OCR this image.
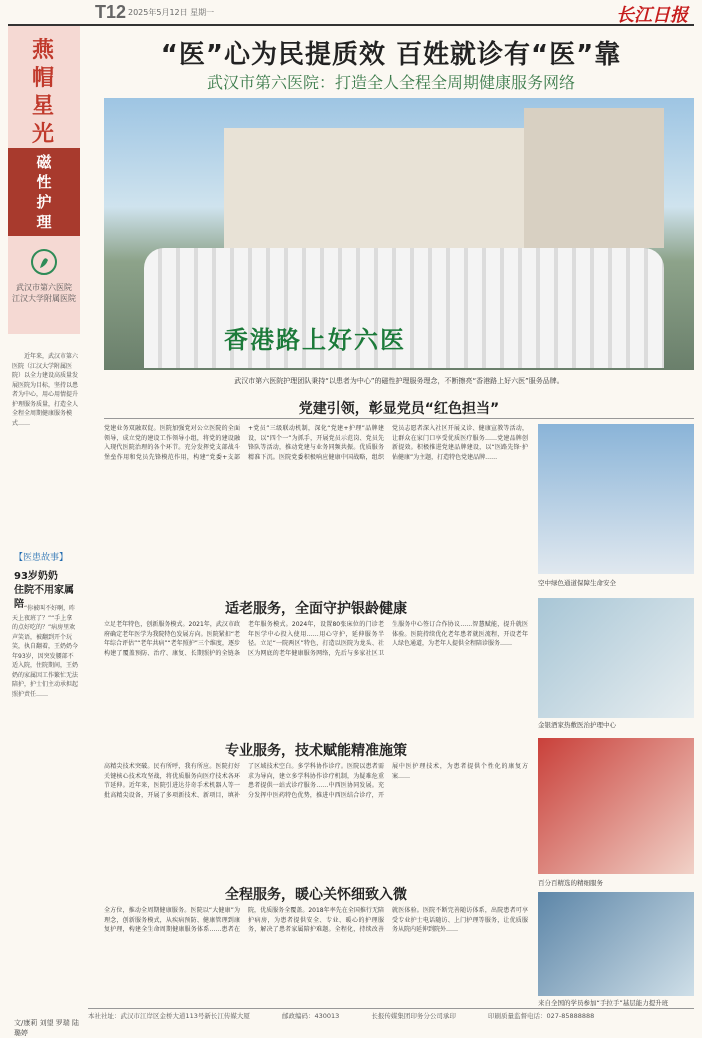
T12 2025年5月12日 星期一	长江日报
燕
帽
星
光
磁
性
护
理
武汉市第六医院
江汉大学附属医院
近年来，武汉市第六医院（江汉大学附属医院）以全力建设高质量发展医院为目标，坚持以患者为中心，用心用情提升护理服务质量，打造全人全程全周期健康服务模式……
【医患故事】
93岁奶奶
住院不用家属陪 “你被叫不好啊，昨天上夜班了？”“手上拿的点好吃的？”病房里欢声笑语，被翻到开个玩笑，执自翻着，王奶奶今年93岁，因突发腰部不适入院，住院期间，王奶奶的家属因工作繁忙无法陪护，护士们主动承担起照护责任……
文/康莉 刘望 罗瑞 陆璐婷
“医”心为民提质效 百姓就诊有“医”靠
武汉市第六医院：打造全人全程全周期健康服务网络
香港路上好六医
武汉市第六医院护理团队秉持“以患者为中心”的磁性护理服务理念，不断擦亮“香港路上好六医”服务品牌。
党建引领，彰显党员“红色担当”
党建业务双融双促。医院加强党对公立医院的全面领导，成立党的建设工作领导小组，将党的建设融入现代医院治理的各个环节。充分发挥党支部战斗堡垒作用和党员先锋模范作用，构建“党委+支部+党员”三级联动机制，深化“党建+护理”品牌建设，以“四个一”为抓手，开展党员示范岗、党员先锋队等活动，推动党建与业务同频共振。优质服务精准下沉。医院党委积极响应健康中国战略，组织党员志愿者深入社区开展义诊、健康宣教等活动，让群众在家门口享受优质医疗服务……党建品牌创新提效。积极推进党建品牌建设，以“医路先锋·护佑健康”为主题，打造特色党建品牌……
空中绿色通道保障生命安全
适老服务，全面守护银龄健康
立足老年特色，创新服务模式。2021年，武汉市政府确定老年医学为我院特色发展方向。医院紧扣“老年综合评估”“老年共病”“老年照护”三个维度，逐步构建了覆盖预防、治疗、康复、长期照护的全链条老年服务模式。2024年，设置80张床位的门诊老年医学中心投入使用……用心守护，延伸服务半径。立足“一院两区”特色，打造以医院为龙头、社区为网底的老年健康服务网络，先后与多家社区卫生服务中心签订合作协议……智慧赋能，提升就医体验。医院持续优化老年患者就医流程，开设老年人绿色通道，为老年人提供全程陪诊服务……
金银酒家热敷医治护理中心
专业服务，技术赋能精准施策
高精尖技术突破。民有所呼，我有所应。医院打好关键核心技术攻坚战，将优质服务向医疗技术各环节延伸。近年来，医院引进达芬奇手术机器人等一批高精尖设备，开展了多项新技术、新项目，填补了区域技术空白。多学科协作诊疗。医院以患者需求为导向，建立多学科协作诊疗机制，为疑难危重患者提供一站式诊疗服务……中西医协同发展。充分发挥中医药特色优势，推进中西医结合诊疗，开展中医护理技术，为患者提供个性化的康复方案……
百分百精选的精细服务
全程服务，暖心关怀细致入微
全方位，推动全周期健康服务。医院以“大健康”为理念，创新服务模式，从疾病预防、健康管理到康复护理，构建全生命周期健康服务体系……患者在院，优质服务全覆盖。2018年率先在全国推行无陪护病房，为患者提供安全、专业、暖心的护理服务，解决了患者家属陪护难题。全程化，持续改善就医体验。医院不断完善随访体系，出院患者可享受专业护士电话随访、上门护理等服务，让优质服务从院内延伸到院外……
来自全国的学员参加“手拉手”基层能力提升班
本社社址：武汉市江岸区金桥大道113号新长江传媒大厦	邮政编码：430013	长报传媒集团印务分公司承印	印刷质量监督电话：027-85888888
